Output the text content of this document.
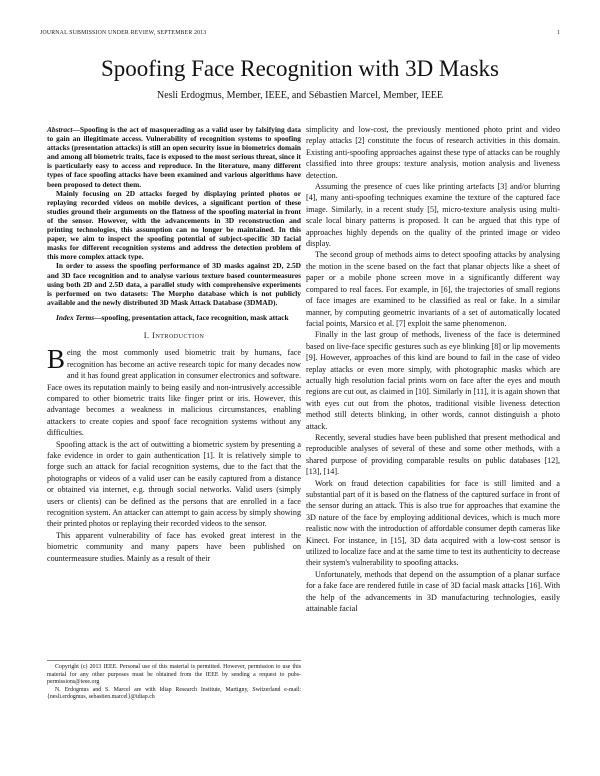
JOURNAL SUBMISSION UNDER REVIEW, SEPTEMBER 2013	1
Spoofing Face Recognition with 3D Masks
Nesli Erdogmus, Member, IEEE, and Sébastien Marcel, Member, IEEE

Abstract—Spoofing is the act of masquerading as a valid user by falsifying data to gain an illegitimate access. Vulnerability of recognition systems to spoofing attacks (presentation attacks) is still an open security issue in biometrics domain and among all biometric traits, face is exposed to the most serious threat, since it is particularly easy to access and reproduce. In the literature, many different types of face spoofing attacks have been examined and various algorithms have been proposed to detect them.

Mainly focusing on 2D attacks forged by displaying printed photos or replaying recorded videos on mobile devices, a significant portion of these studies ground their arguments on the flatness of the spoofing material in front of the sensor. However, with the advancements in 3D reconstruction and printing technologies, this assumption can no longer be maintained. In this paper, we aim to inspect the spoofing potential of subject-specific 3D facial masks for different recognition systems and address the detection problem of this more complex attack type.

In order to assess the spoofing performance of 3D masks against 2D, 2.5D and 3D face recognition and to analyse various texture based countermeasures using both 2D and 2.5D data, a parallel study with comprehensive experiments is performed on two datasets: The Morpho database which is not publicly available and the newly distributed 3D Mask Attack Database (3DMAD).

Index Terms—spoofing, presentation attack, face recognition, mask attack

I. Introduction

Being the most commonly used biometric trait by humans, face recognition has become an active research topic for many decades now and it has found great application in consumer electronics and software. Face owes its reputation mainly to being easily and non-intrusively accessible compared to other biometric traits like finger print or iris. However, this advantage becomes a weakness in malicious circumstances, enabling attackers to create copies and spoof face recognition systems without any difficulties.

Spoofing attack is the act of outwitting a biometric system by presenting a fake evidence in order to gain authentication [1]. It is relatively simple to forge such an attack for facial recognition systems, due to the fact that the photographs or videos of a valid user can be easily captured from a distance or obtained via internet, e.g. through social networks. Valid users (simply users or clients) can be defined as the persons that are enrolled in a face recognition system. An attacker can attempt to gain access by simply showing their printed photos or replaying their recorded videos to the sensor.

This apparent vulnerability of face has evoked great interest in the biometric community and many papers have been published on countermeasure studies. Mainly as a result of their

Copyright (c) 2013 IEEE. Personal use of this material is permitted. However, permission to use this material for any other purposes must be obtained from the IEEE by sending a request to pubs-permissions@ieee.org

N. Erdogmus and S. Marcel are with Idiap Research Institute, Martigny, Switzerland e-mail: {nesli.erdogmus, sebastien.marcel}@idiap.ch

simplicity and low-cost, the previously mentioned photo print and video replay attacks [2] constitute the focus of research activities in this domain. Existing anti-spoofing approaches against these type of attacks can be roughly classified into three groups: texture analysis, motion analysis and liveness detection.

Assuming the presence of cues like printing artefacts [3] and/or blurring [4], many anti-spoofing techniques examine the texture of the captured face image. Similarly, in a recent study [5], micro-texture analysis using multi-scale local binary patterns is proposed. It can be argued that this type of approaches highly depends on the quality of the printed image or video display.

The second group of methods aims to detect spoofing attacks by analysing the motion in the scene based on the fact that planar objects like a sheet of paper or a mobile phone screen move in a significantly different way compared to real faces. For example, in [6], the trajectories of small regions of face images are examined to be classified as real or fake. In a similar manner, by computing geometric invariants of a set of automatically located facial points, Marsico et al. [7] exploit the same phenomenon.

Finally in the last group of methods, liveness of the face is determined based on live-face specific gestures such as eye blinking [8] or lip movements [9]. However, approaches of this kind are bound to fail in the case of video replay attacks or even more simply, with photographic masks which are actually high resolution facial prints worn on face after the eyes and mouth regions are cut out, as claimed in [10]. Similarly in [11], it is again shown that with eyes cut out from the photos, traditional visible liveness detection method still detects blinking, in other words, cannot distinguish a photo attack.

Recently, several studies have been published that present methodical and reproducible analyses of several of these and some other methods, with a shared purpose of providing comparable results on public databases [12], [13], [14].

Work on fraud detection capabilities for face is still limited and a substantial part of it is based on the flatness of the captured surface in front of the sensor during an attack. This is also true for approaches that examine the 3D nature of the face by employing additional devices, which is much more realistic now with the introduction of affordable consumer depth cameras like Kinect. For instance, in [15], 3D data acquired with a low-cost sensor is utilized to localize face and at the same time to test its authenticity to decrease their system's vulnerability to spoofing attacks.

Unfortunately, methods that depend on the assumption of a planar surface for a fake face are rendered futile in case of 3D facial mask attacks [16]. With the help of the advancements in 3D manufacturing technologies, easily attainable facial
